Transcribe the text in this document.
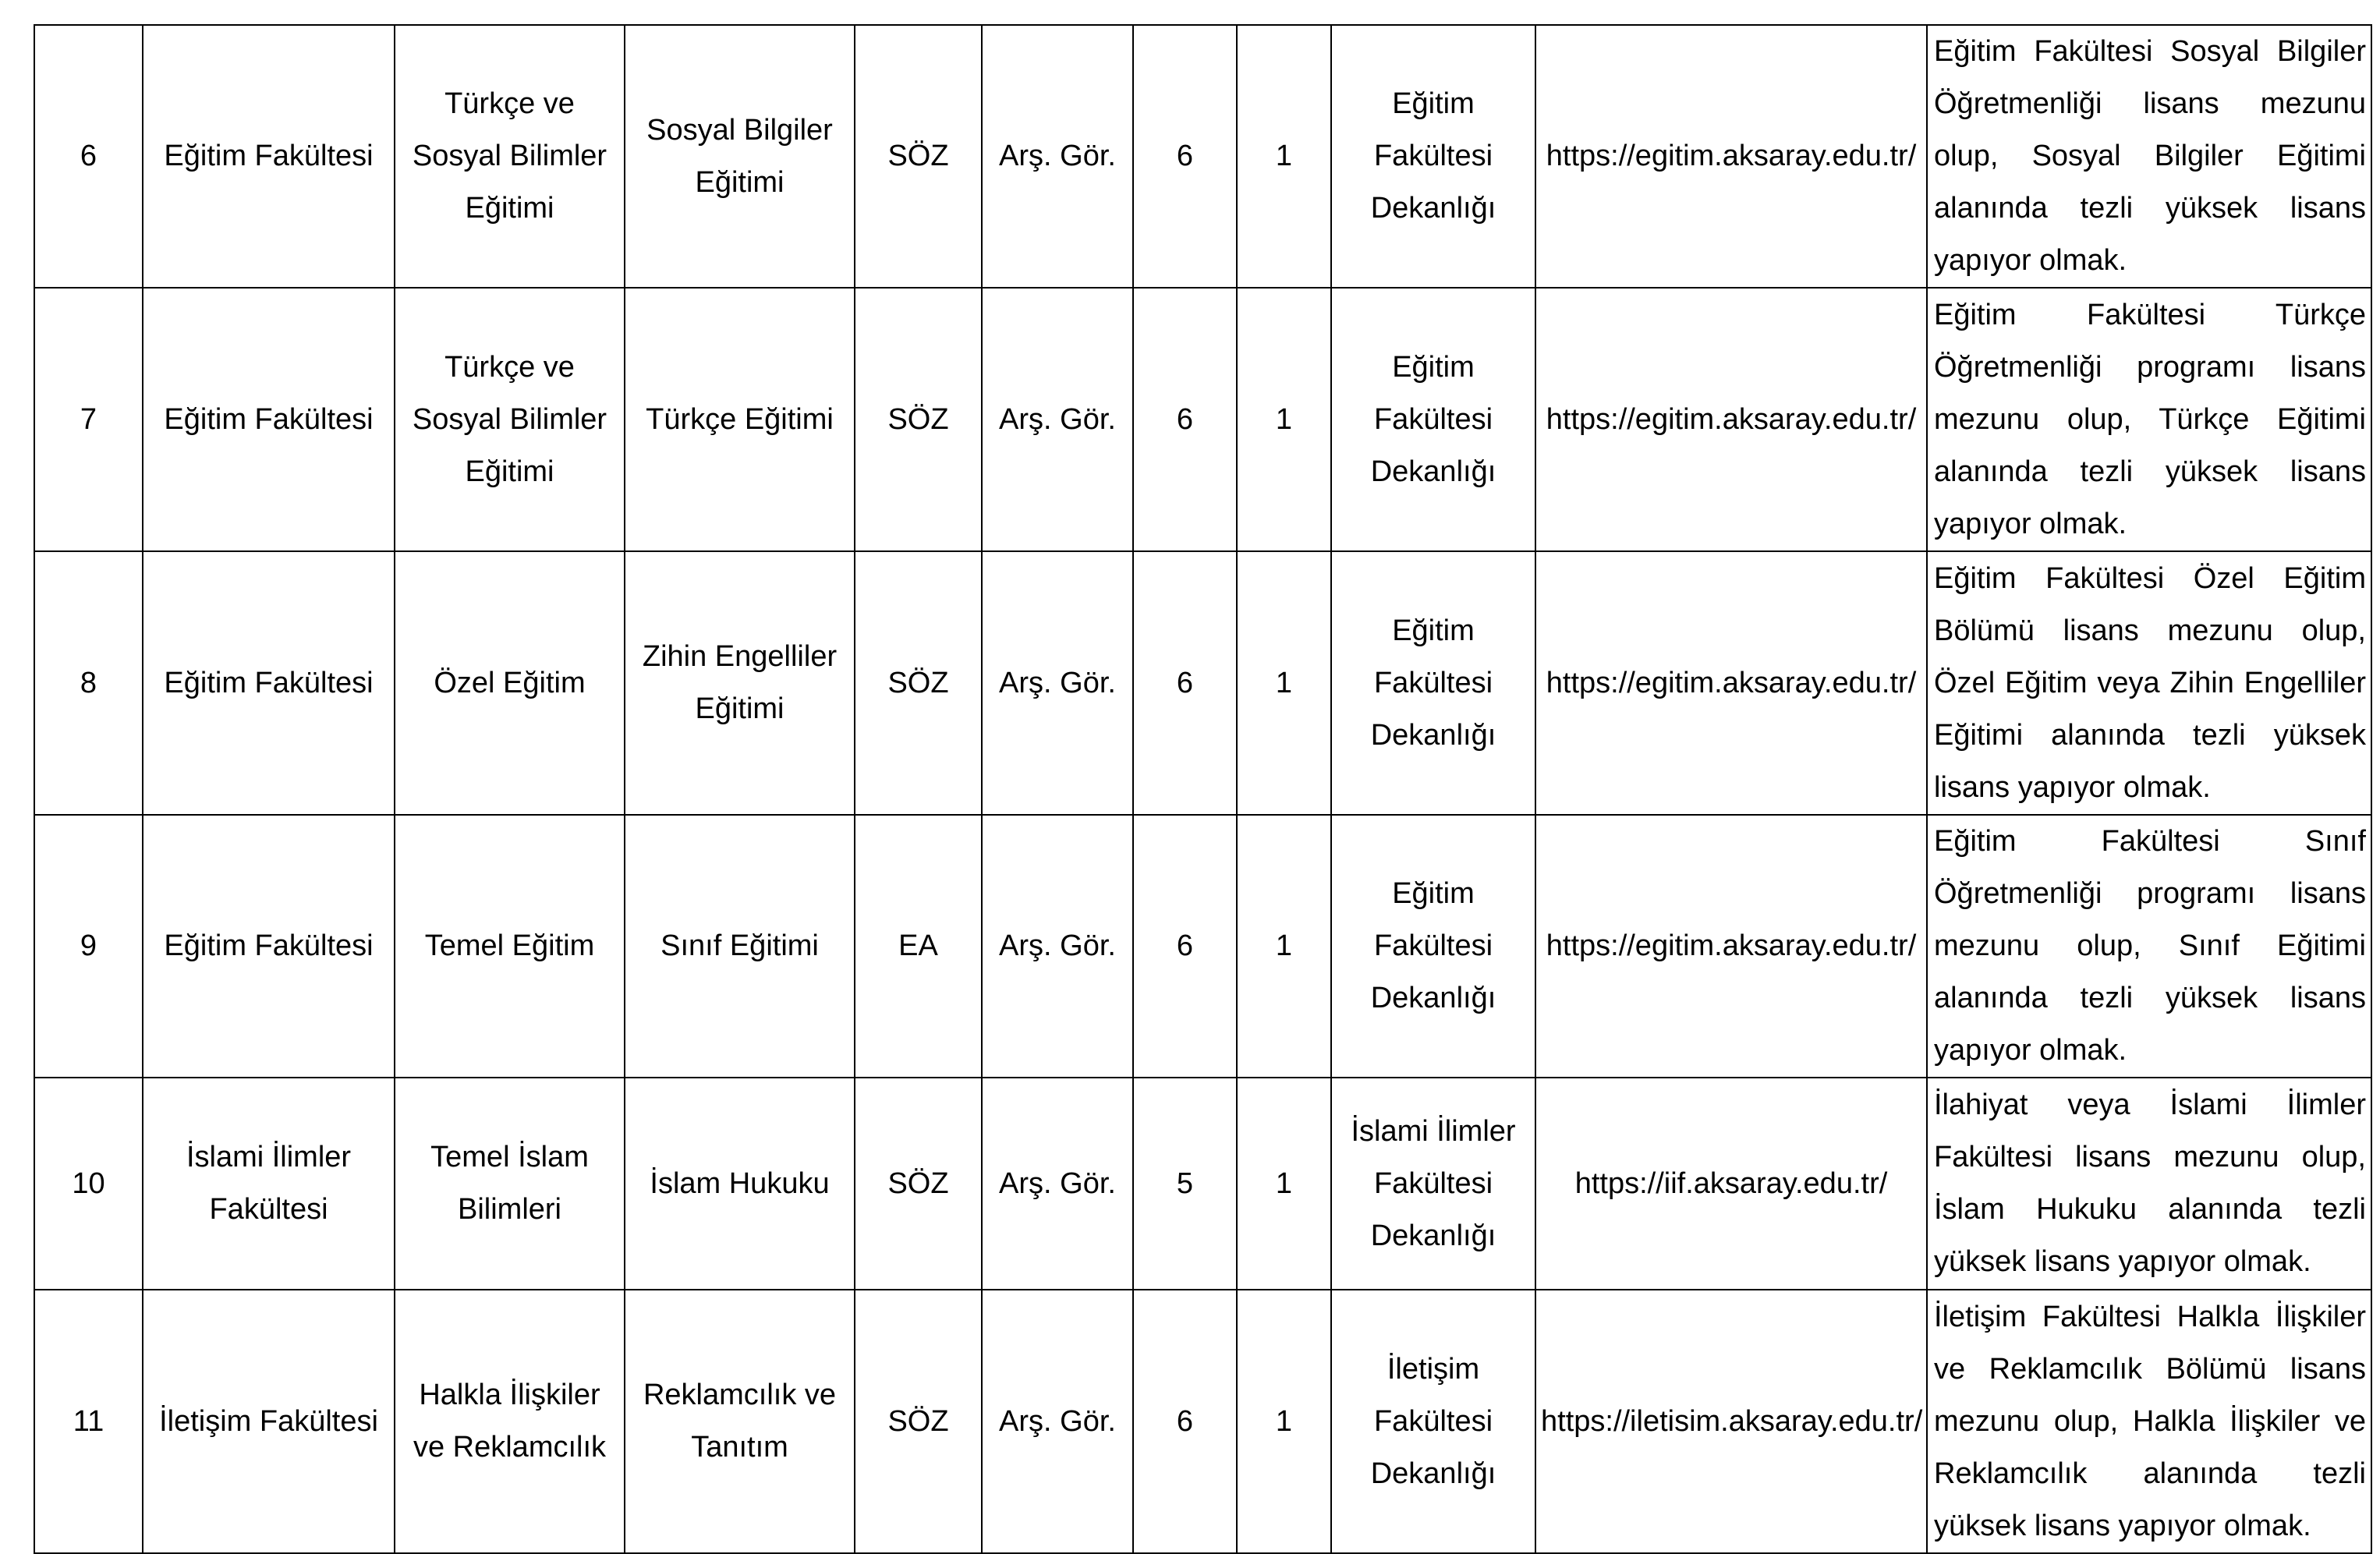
6	Eğitim Fakültesi	Türkçe ve Sosyal Bilimler Eğitimi	Sosyal Bilgiler Eğitimi	SÖZ	Arş. Gör.	6	1	Eğitim Fakültesi Dekanlığı	https://egitim.aksaray.edu.tr/	Eğitim Fakültesi Sosyal Bilgiler Öğretmenliği lisans mezunu olup, Sosyal Bilgiler Eğitimi alanında tezli yüksek lisans yapıyor olmak.
7	Eğitim Fakültesi	Türkçe ve Sosyal Bilimler Eğitimi	Türkçe Eğitimi	SÖZ	Arş. Gör.	6	1	Eğitim Fakültesi Dekanlığı	https://egitim.aksaray.edu.tr/	Eğitim Fakültesi Türkçe Öğretmenliği programı lisans mezunu olup, Türkçe Eğitimi alanında tezli yüksek lisans yapıyor olmak.
8	Eğitim Fakültesi	Özel Eğitim	Zihin Engelliler Eğitimi	SÖZ	Arş. Gör.	6	1	Eğitim Fakültesi Dekanlığı	https://egitim.aksaray.edu.tr/	Eğitim Fakültesi Özel Eğitim Bölümü lisans mezunu olup, Özel Eğitim veya Zihin Engelliler Eğitimi alanında tezli yüksek lisans yapıyor olmak.
9	Eğitim Fakültesi	Temel Eğitim	Sınıf Eğitimi	EA	Arş. Gör.	6	1	Eğitim Fakültesi Dekanlığı	https://egitim.aksaray.edu.tr/	Eğitim Fakültesi Sınıf Öğretmenliği programı lisans mezunu olup, Sınıf Eğitimi alanında tezli yüksek lisans yapıyor olmak.
10	İslami İlimler Fakültesi	Temel İslam Bilimleri	İslam Hukuku	SÖZ	Arş. Gör.	5	1	İslami İlimler Fakültesi Dekanlığı	https://iif.aksaray.edu.tr/	İlahiyat veya İslami İlimler Fakültesi lisans mezunu olup, İslam Hukuku alanında tezli yüksek lisans yapıyor olmak.
11	İletişim Fakültesi	Halkla İlişkiler ve Reklamcılık	Reklamcılık ve Tanıtım	SÖZ	Arş. Gör.	6	1	İletişim Fakültesi Dekanlığı	https://iletisim.aksaray.edu.tr/	İletişim Fakültesi Halkla İlişkiler ve Reklamcılık Bölümü lisans mezunu olup, Halkla İlişkiler ve Reklamcılık alanında tezli yüksek lisans yapıyor olmak.
